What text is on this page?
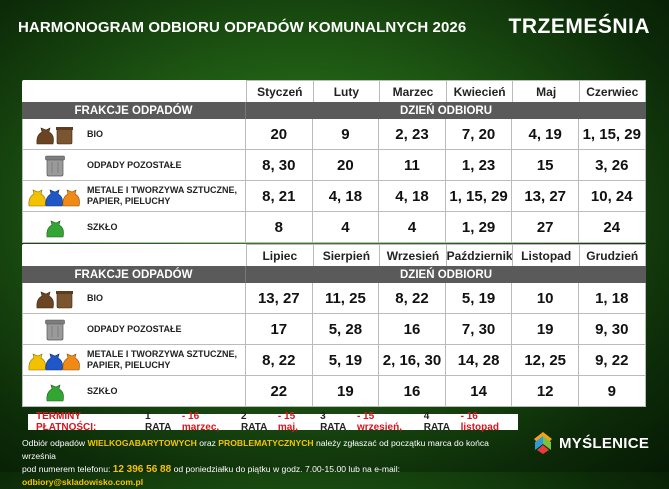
HARMONOGRAM ODBIORU ODPADÓW KOMUNALNYCH 2026 TRZEMEŚNIA
Styczeń	Luty	Marzec	Kwiecień	Maj	Czerwiec
FRAKCJE ODPADÓW	DZIEŃ ODBIORU
BIO	20	9	2, 23	7, 20	4, 19	1, 15, 29
ODPADY POZOSTAŁE	8, 30	20	11	1, 23	15	3, 26
METALE I TWORZYWA SZTUCZNE,
PAPIER, PIELUCHY	8, 21	4, 18	4, 18	1, 15, 29	13, 27	10, 24
SZKŁO	8	4	4	1, 29	27	24
Lipiec	Sierpień	Wrzesień Październik Listopad	Grudzień
FRAKCJE ODPADÓW	DZIEŃ ODBIORU
BIO	13, 27	11, 25	8, 22	5, 19	10	1, 18
ODPADY POZOSTAŁE	17	5, 28	16	7, 30	19	9, 30
METALE I TWORZYWA SZTUCZNE,
PAPIER, PIELUCHY	8, 22	5, 19	2, 16, 30	14, 28	12, 25	9, 22
SZKŁO	22	19	16	14	12	9
TERMINY PŁATNOŚCI:

1 RATA

- 16 marzec,

2 RATA

- 15 maj,

3 RATA

- 15 wrzesień,

4 RATA

- 16 listopad
Odbiór odpadów WIELKOGABARYTOWYCH oraz PROBLEMATYCZNYCH należy zgłaszać od początku marca do końca września
pod numerem telefonu: 12 396 56 88 od poniedziałku do piątku w godz. 7.00-15.00 lub na e-mail: odbiory@skladowisko.com.pl
MYŚLENICE
